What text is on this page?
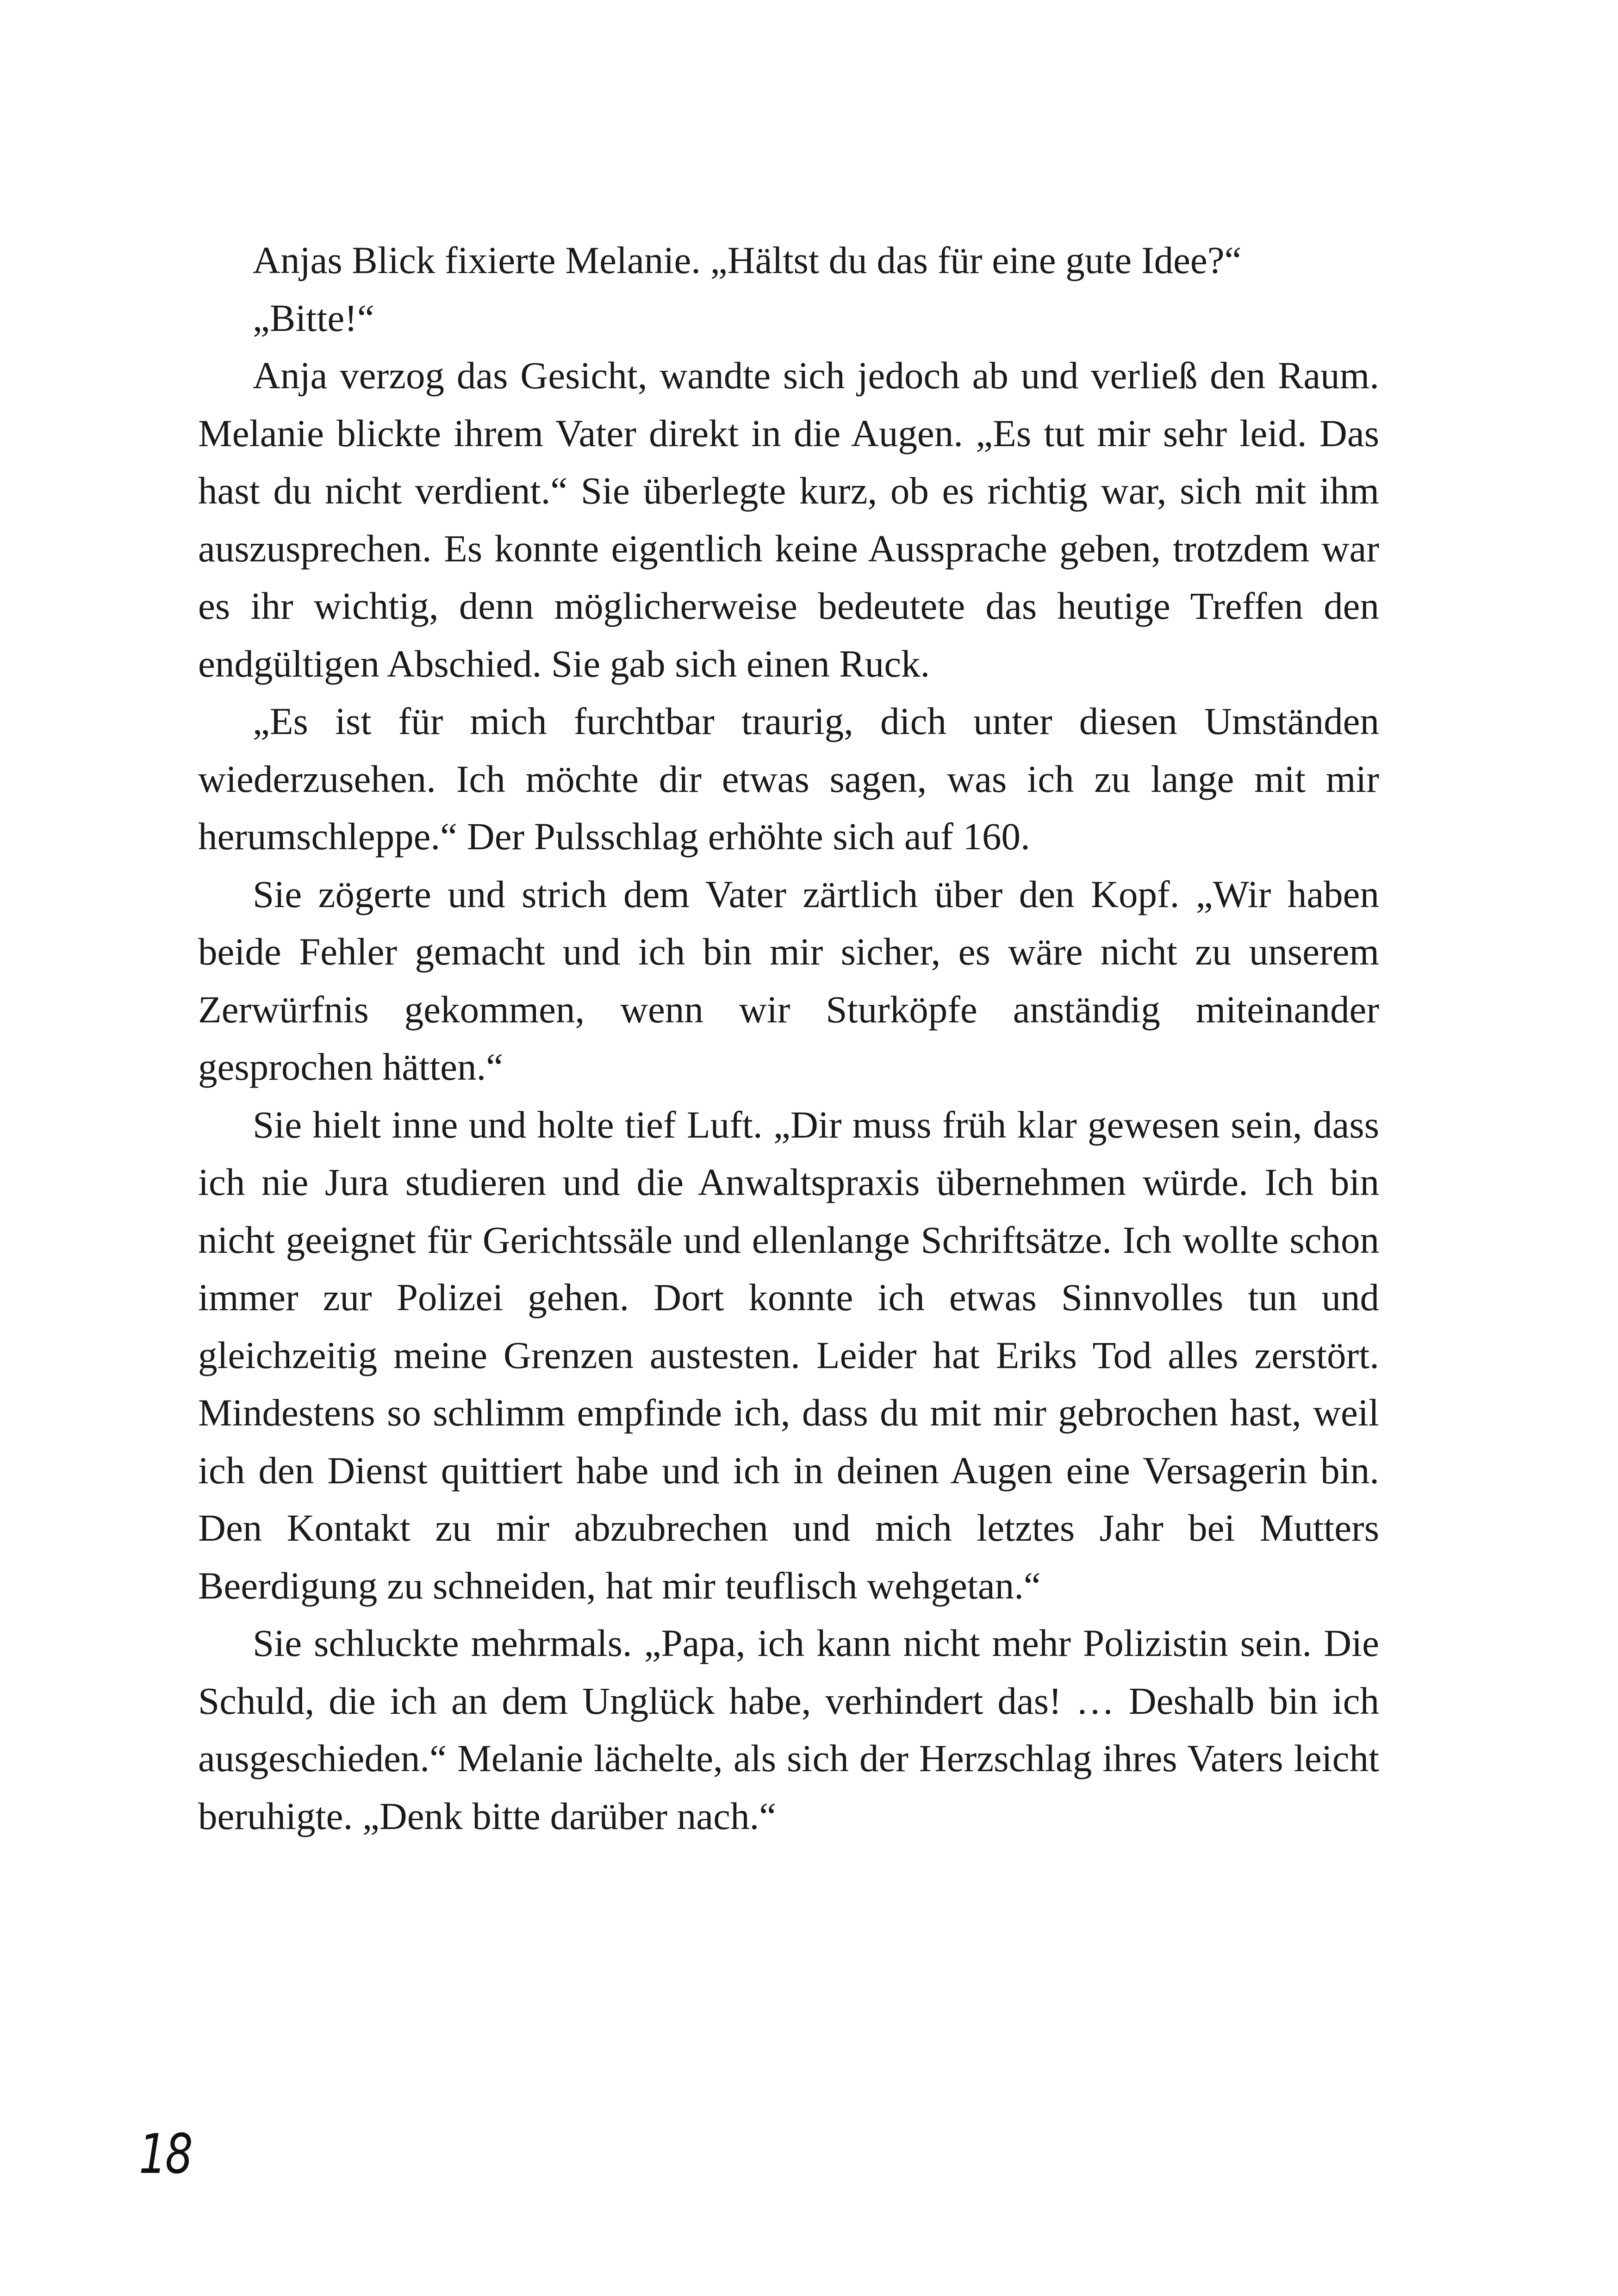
Anjas Blick fixierte Melanie. „Hältst du das für eine gute Idee?“

„Bitte!“

Anja verzog das Gesicht, wandte sich jedoch ab und verließ den Raum. Melanie blickte ihrem Vater direkt in die Augen. „Es tut mir sehr leid. Das hast du nicht verdient.“ Sie überlegte kurz, ob es richtig war, sich mit ihm auszusprechen. Es konnte eigentlich keine Aussprache geben, trotzdem war es ihr wichtig, denn möglicherweise bedeutete das heutige Treffen den endgültigen Abschied. Sie gab sich einen Ruck.

„Es ist für mich furchtbar traurig, dich unter diesen Umständen wiederzusehen. Ich möchte dir etwas sagen, was ich zu lange mit mir herumschleppe.“ Der Pulsschlag erhöhte sich auf 160.

Sie zögerte und strich dem Vater zärtlich über den Kopf. „Wir haben beide Fehler gemacht und ich bin mir sicher, es wäre nicht zu unserem Zerwürfnis gekommen, wenn wir Sturköpfe anständig miteinander gesprochen hätten.“

Sie hielt inne und holte tief Luft. „Dir muss früh klar gewesen sein, dass ich nie Jura studieren und die Anwaltspraxis übernehmen würde. Ich bin nicht geeignet für Gerichtssäle und ellenlange Schriftsätze. Ich wollte schon immer zur Polizei gehen. Dort konnte ich etwas Sinnvolles tun und gleichzeitig meine Grenzen austesten. Leider hat Eriks Tod alles zerstört. Mindestens so schlimm empfinde ich, dass du mit mir gebrochen hast, weil ich den Dienst quittiert habe und ich in deinen Augen eine Versagerin bin. Den Kontakt zu mir abzubrechen und mich letztes Jahr bei Mutters Beerdigung zu schneiden, hat mir teuflisch wehgetan.“

Sie schluckte mehrmals. „Papa, ich kann nicht mehr Polizistin sein. Die Schuld, die ich an dem Unglück habe, verhindert das! … Deshalb bin ich ausgeschieden.“ Melanie lächelte, als sich der Herzschlag ihres Vaters leicht beruhigte. „Denk bitte darüber nach.“

18
